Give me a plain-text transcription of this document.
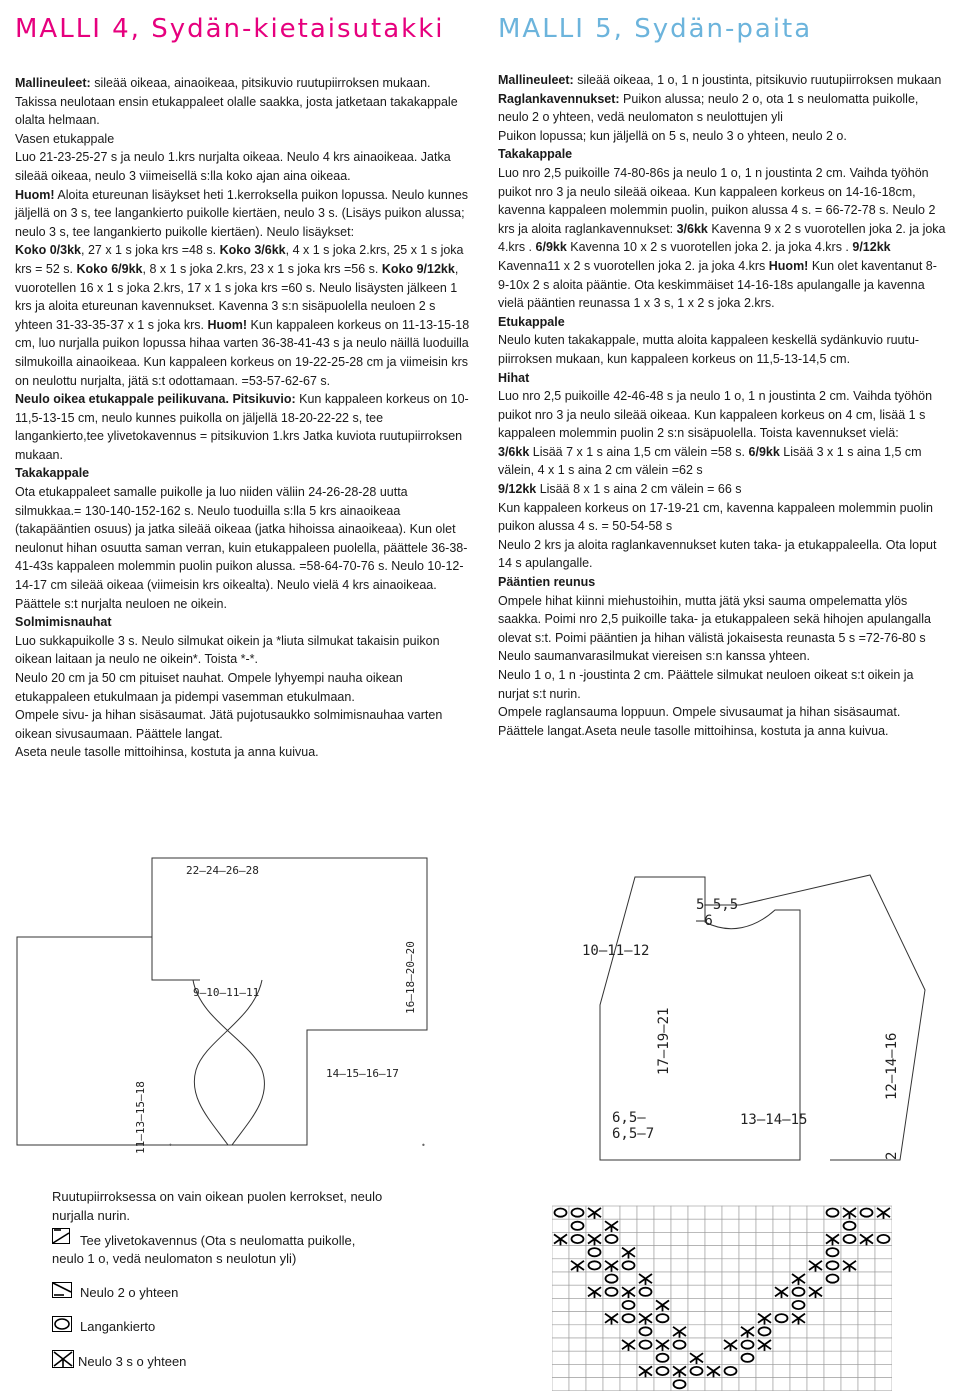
MALLI 4, Sydän-kietaisutakki MALLI 5, Sydän-paita

Mallineuleet: sileää oikeaa, ainaoikeaa, pitsikuvio ruutupiirroksen mukaan.

Takissa neulotaan ensin etukappaleet olalle saakka, josta jatketaan takakappale olalta helmaan.

Vasen etukappale

Luo 21-23-25-27 s ja neulo 1.krs nurjalta oikeaa. Neulo 4 krs ainaoikeaa. Jatka sileää oikeaa, neulo 3 viimeisellä s:lla koko ajan aina oikeaa.

Huom! Aloita etureunan lisäykset heti 1.kerroksella puikon lopussa. Neulo kunnes jäljellä on 3 s, tee langankierto puikolle kiertäen, neulo 3 s. (Lisäys puikon alussa; neulo 3 s, tee langankierto puikolle kiertäen). Neulo lisäykset:

Koko 0/3kk, 27 x 1 s joka krs =48 s. Koko 3/6kk, 4 x 1 s joka 2.krs, 25 x 1 s joka krs = 52 s. Koko 6/9kk, 8 x 1 s joka 2.krs, 23 x 1 s joka krs =56 s. Koko 9/12kk, vuorotellen 16 x 1 s joka 2.krs, 17 x 1 s joka krs =60 s. Neulo lisäysten jälkeen 1 krs ja aloita etureunan kavennukset. Kavenna 3 s:n sisäpuolella neuloen 2 s yhteen 31-33-35-37 x 1 s joka krs. Huom! Kun kappaleen korkeus on 11-13-15-18 cm, luo nurjalla puikon lopussa hihaa varten 36-38-41-43 s ja neulo näillä luoduilla silmukoilla ainaoikeaa. Kun kappaleen korkeus on 19-22-25-28 cm ja viimeisin krs on neulottu nurjalta, jätä s:t odottamaan. =53-57-62-67 s.

Neulo oikea etukappale peilikuvana. Pitsikuvio: Kun kappaleen korkeus on 10-11,5-13-15 cm, neulo kunnes puikolla on jäljellä 18-20-22-22 s, tee langankierto,tee ylivetokavennus = pitsikuvion 1.krs Jatka kuviota ruutupiirroksen mukaan.

Takakappale

Ota etukappaleet samalle puikolle ja luo niiden väliin 24-26-28-28 uutta silmukkaa.= 130-140-152-162 s. Neulo tuoduilla s:lla 5 krs ainaoikeaa (takapääntien osuus) ja jatka sileää oikeaa (jatka hihoissa ainaoikeaa). Kun olet neulonut hihan osuutta saman verran, kuin etukappaleen puolella, päättele 36-38-41-43s kappaleen molemmin puolin puikon alussa. =58-64-70-76 s. Neulo 10-12-14-17 cm sileää oikeaa (viimeisin krs oikealta). Neulo vielä 4 krs ainaoikeaa. Päättele s:t nurjalta neuloen ne oikein.

Solmimisnauhat

Luo sukkapuikolle 3 s. Neulo silmukat oikein ja *liuta silmukat takaisin puikon oikean laitaan ja neulo ne oikein*. Toista *-*.

Neulo 20 cm ja 50 cm pituiset nauhat. Ompele lyhyempi nauha oikean etukappaleen etukulmaan ja pidempi vasemman etukulmaan.

Ompele sivu- ja hihan sisäsaumat. Jätä pujotusaukko solmimisnauhaa varten oikean sivusaumaan. Päättele langat.

Aseta neule tasolle mittoihinsa, kostuta ja anna kuivua.

Mallineuleet: sileää oikeaa, 1 o, 1 n joustinta, pitsikuvio ruutupiirroksen mukaan

Raglankavennukset: Puikon alussa; neulo 2 o, ota 1 s neulomatta puikolle, neulo 2 o yhteen, vedä neulomaton s neulottujen yli

Puikon lopussa; kun jäljellä on 5 s, neulo 3 o yhteen, neulo 2 o.

Takakappale

Luo nro 2,5 puikoille 74-80-86s ja neulo 1 o, 1 n joustinta 2 cm. Vaihda työhön puikot nro 3 ja neulo sileää oikeaa. Kun kappaleen korkeus on 14-16-18cm, kavenna kappaleen molemmin puolin, puikon alussa 4 s. = 66-72-78 s. Neulo 2 krs ja aloita raglankavennukset: 3/6kk Kavenna 9 x 2 s vuorotellen joka 2. ja joka 4.krs . 6/9kk Kavenna 10 x 2 s vuorotellen joka 2. ja joka 4.krs . 9/12kk Kavenna11 x 2 s vuorotellen joka 2. ja joka 4.krs Huom! Kun olet kaventanut 8-9-10x 2 s aloita pääntie. Ota keskimmäiset 14-16-18s apulangalle ja kavenna vielä pääntien reunassa 1 x 3 s, 1 x 2 s joka 2.krs.

Etukappale

Neulo kuten takakappale, mutta aloita kappaleen keskellä sydänkuvio ruutu-piirroksen mukaan, kun kappaleen korkeus on 11,5-13-14,5 cm.

Hihat

Luo nro 2,5 puikoille 42-46-48 s ja neulo 1 o, 1 n joustinta 2 cm. Vaihda työhön puikot nro 3 ja neulo sileää oikeaa. Kun kappaleen korkeus on 4 cm, lisää 1 s kappaleen molemmin puolin 2 s:n sisäpuolella. Toista kavennukset vielä:

3/6kk Lisää 7 x 1 s aina 1,5 cm välein =58 s. 6/9kk Lisää 3 x 1 s aina 1,5 cm välein, 4 x 1 s aina 2 cm välein =62 s

9/12kk Lisää 8 x 1 s aina 2 cm välein = 66 s

Kun kappaleen korkeus on 17-19-21 cm, kavenna kappaleen molemmin puolin puikon alussa 4 s. = 50-54-58 s

Neulo 2 krs ja aloita raglankavennukset kuten taka- ja etukappaleella. Ota loput 14 s apulangalle.

Pääntien reunus

Ompele hihat kiinni miehustoihin, mutta jätä yksi sauma ompelematta ylös saakka. Poimi nro 2,5 puikoille taka- ja etukappaleen sekä hihojen apulangalla olevat s:t. Poimi pääntien ja hihan välistä jokaisesta reunasta 5 s =72-76-80 s

Neulo saumanvarasilmukat viereisen s:n kanssa yhteen.

Neulo 1 o, 1 n -joustinta 2 cm. Päättele silmukat neuloen oikeat s:t oikein ja nurjat s:t nurin.

Ompele raglansauma loppuun. Ompele sivusaumat ja hihan sisäsaumat. Päättele langat.Aseta neule tasolle mittoihinsa, kostuta ja anna kuivua.

22–24–26–28
9–10–11–11	16–18–20–20
14–15–16–17
11–13–15–18	•	•
5–5,5
–6
10–11–12
17–19–21
6,5–
6,5–7
13–14–15
12–14–16
2

Ruutupiirroksessa on vain oikean puolen kerrokset, neulo nurjalla nurin.

Tee ylivetokavennus (Ota s neulomatta puikolle,
neulo 1 o, vedä neulomaton s neulotun yli)
Neulo 2 o yhteen
Langankierto
Neulo 3 s o yhteen
